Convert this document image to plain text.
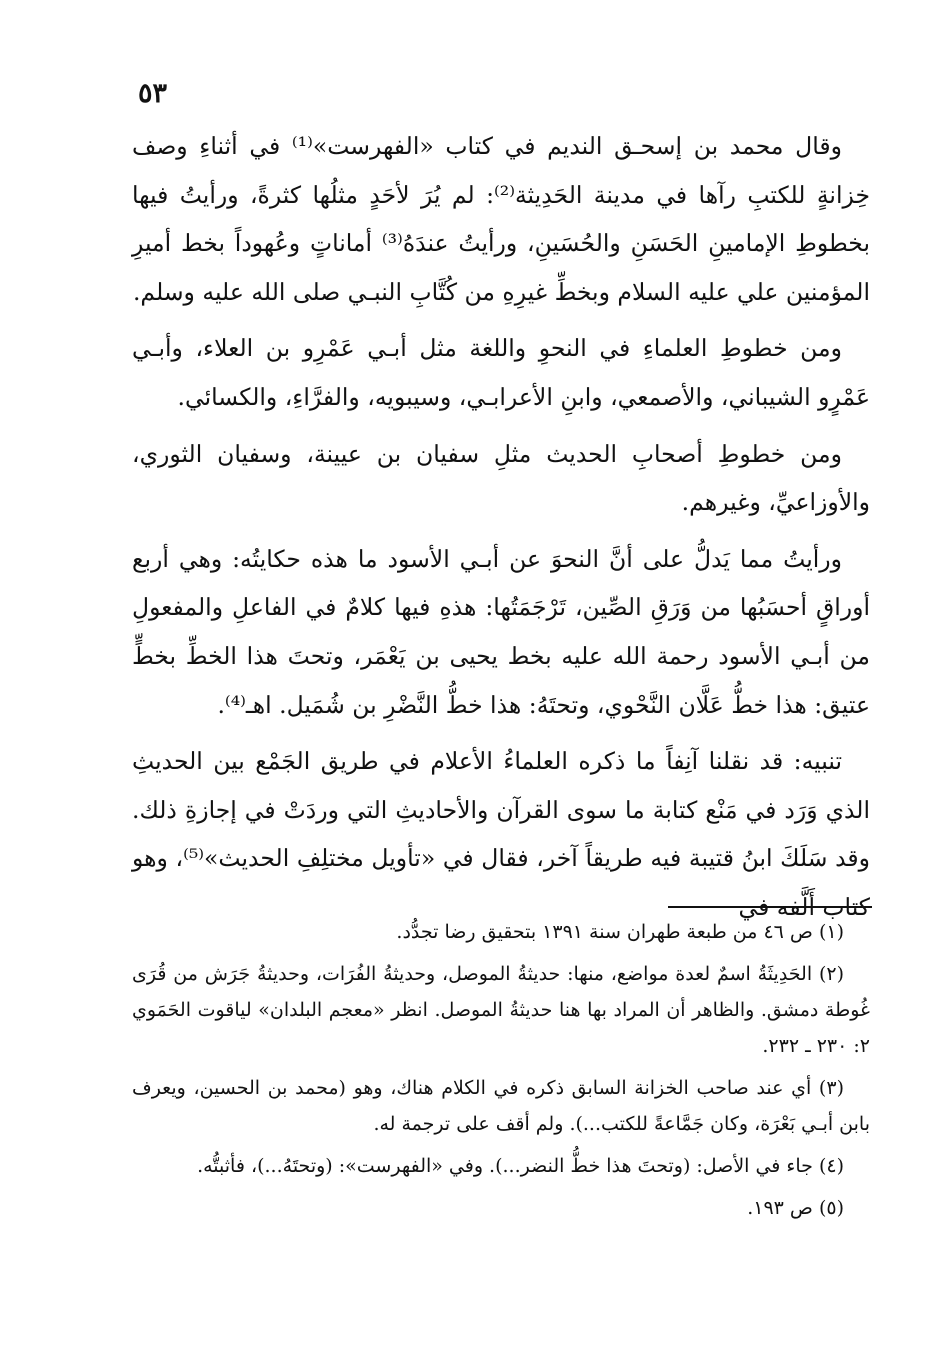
٥٣

وقال محمد بن إسحـق النديم في كتاب «الفهرست»⁽¹⁾ في أثناءِ وصف خِزانةٍ للكتبِ رآها في مدينة الحَدِيثة⁽²⁾: لم يُرَ لأحَدٍ مثلُها كثرةً، ورأيتُ فيها بخطوطِ الإمامينِ الحَسَنِ والحُسَينِ، ورأيتُ عندَهُ⁽³⁾ أماناتٍ وعُهوداً بخط أميرِ المؤمنين علي عليه السلام وبخطِّ غيرِهِ من كُتَّابِ النبـي صلى الله عليه وسلم.

ومن خطوطِ العلماءِ في النحوِ واللغة مثل أبـي عَمْرِو بن العلاء، وأبـي عَمْرٍو الشيباني، والأصمعي، وابنِ الأعرابـي، وسيبويه، والفرَّاءِ، والكسائي.

ومن خطوطِ أصحابِ الحديث مثلِ سفيان بن عيينة، وسفيان الثوري، والأوزاعيِّ، وغيرهم.

ورأيتُ مما يَدلُّ على أنَّ النحوَ عن أبـي الأسود ما هذه حكايتُه: وهي أربع أوراقٍ أحسَبُها من وَرَقِ الصِّين، تَرْجَمَتُها: هذهِ فيها كلامٌ في الفاعلِ والمفعولِ من أبـي الأسود رحمة الله عليه بخط يحيى بن يَعْمَر، وتحتَ هذا الخطِّ بخطٍّ عتيق: هذا خطُّ عَلَّان النَّحْوي، وتحتَهُ: هذا خطُّ النَّضْرِ بن شُمَيل. اهـ⁽⁴⁾.

تنبيه: قد نقلنا آنِفاً ما ذكره العلماءُ الأعلام في طريق الجَمْع بين الحديثِ الذي وَرَد في مَنْع كتابة ما سوى القرآن والأحاديثِ التي وردَتْ في إجازةِ ذلك. وقد سَلَكَ ابنُ قتيبة فيه طريقاً آخر، فقال في «تأويل مختلِفِ الحديث»⁽⁵⁾، وهو كتاب أَلَّفه في

(١) ص ٤٦ من طبعة طهران سنة ١٣٩١ بتحقيق رضا تجدُّد.

(٢) الحَدِيثَةُ اسمٌ لعدة مواضع، منها: حديثةُ الموصل، وحديثةُ الفُرَات، وحديثةُ جَرَش من قُرَى غُوطة دمشق. والظاهر أن المراد بها هنا حديثةُ الموصل. انظر «معجم البلدان» لياقوت الحَمَوي ٢: ٢٣٠ ـ ٢٣٢.

(٣) أي عند صاحب الخزانة السابق ذكره في الكلام هناك، وهو (محمد بن الحسين، ويعرف بابن أبـي بَعْرَة، وكان جَمَّاعةً للكتب...). ولم أقف على ترجمة له.

(٤) جاء في الأصل: (وتحتَ هذا خطُّ النضر...). وفي «الفهرست»: (وتحتَهُ...)، فأثبتُّه.

(٥) ص ١٩٣.
